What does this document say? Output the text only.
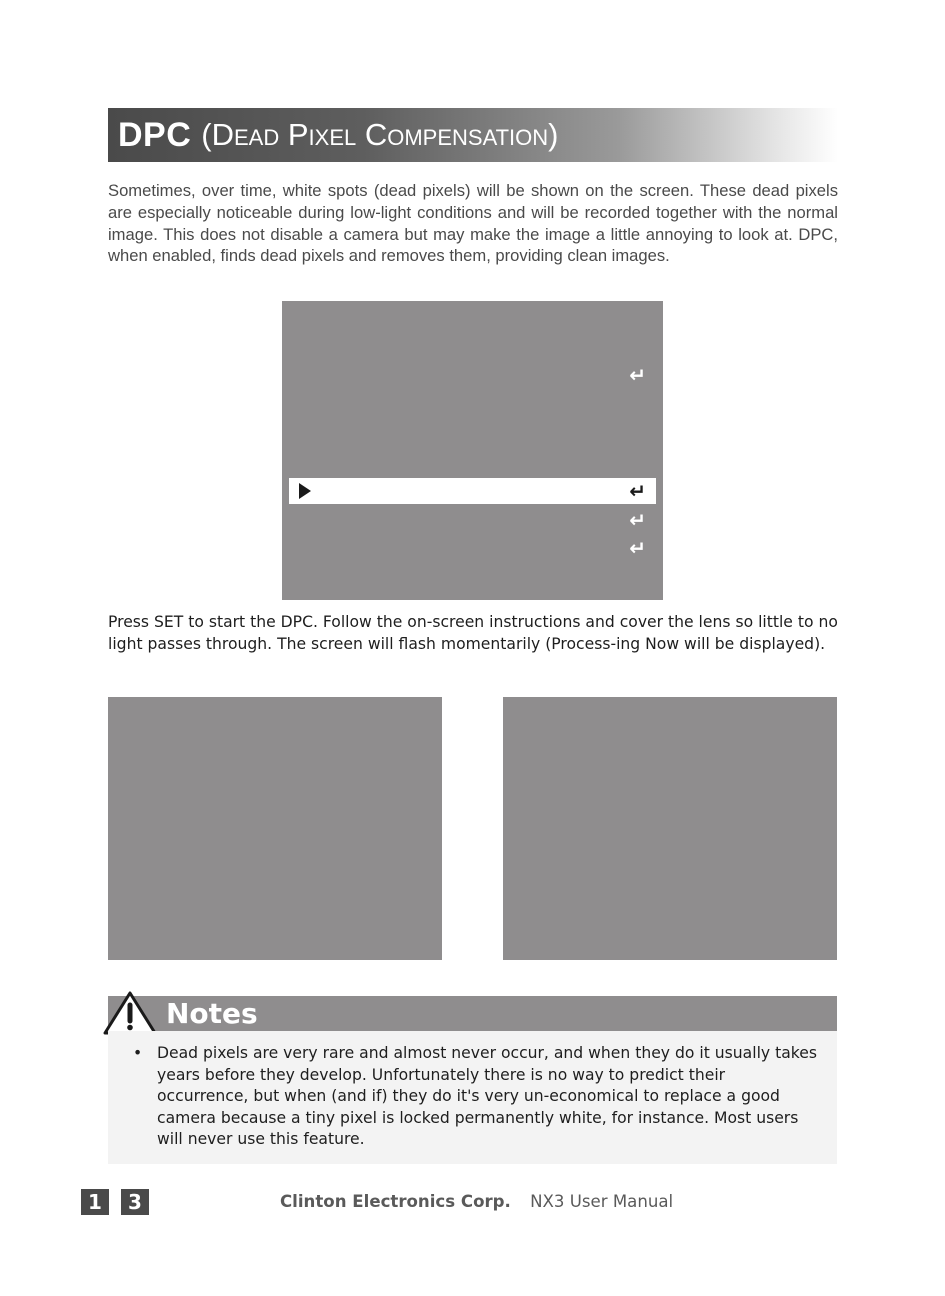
DPC (Dead Pixel Compensation)

Sometimes, over time, white spots (dead pixels) will be shown on the screen. These dead pixels are especially noticeable during low-light conditions and will be recorded together with the normal image. This does not disable a camera but may make the image a little annoying to look at. DPC, when enabled, finds dead pixels and removes them, providing clean images.

↵
↵
↵
↵

Press SET to start the DPC. Follow the on-screen instructions and cover the lens so little to no light passes through. The screen will flash momentarily (Process-ing Now will be displayed).

Notes
• Dead pixels are very rare and almost never occur, and when they do it usually takes years before they develop. Unfortunately there is no way to predict their occurrence, but when (and if) they do it's very un-economical to replace a good camera because a tiny pixel is locked permanently white, for instance. Most users will never use this feature.

1	3	Clinton Electronics Corp. NX3 User Manual
